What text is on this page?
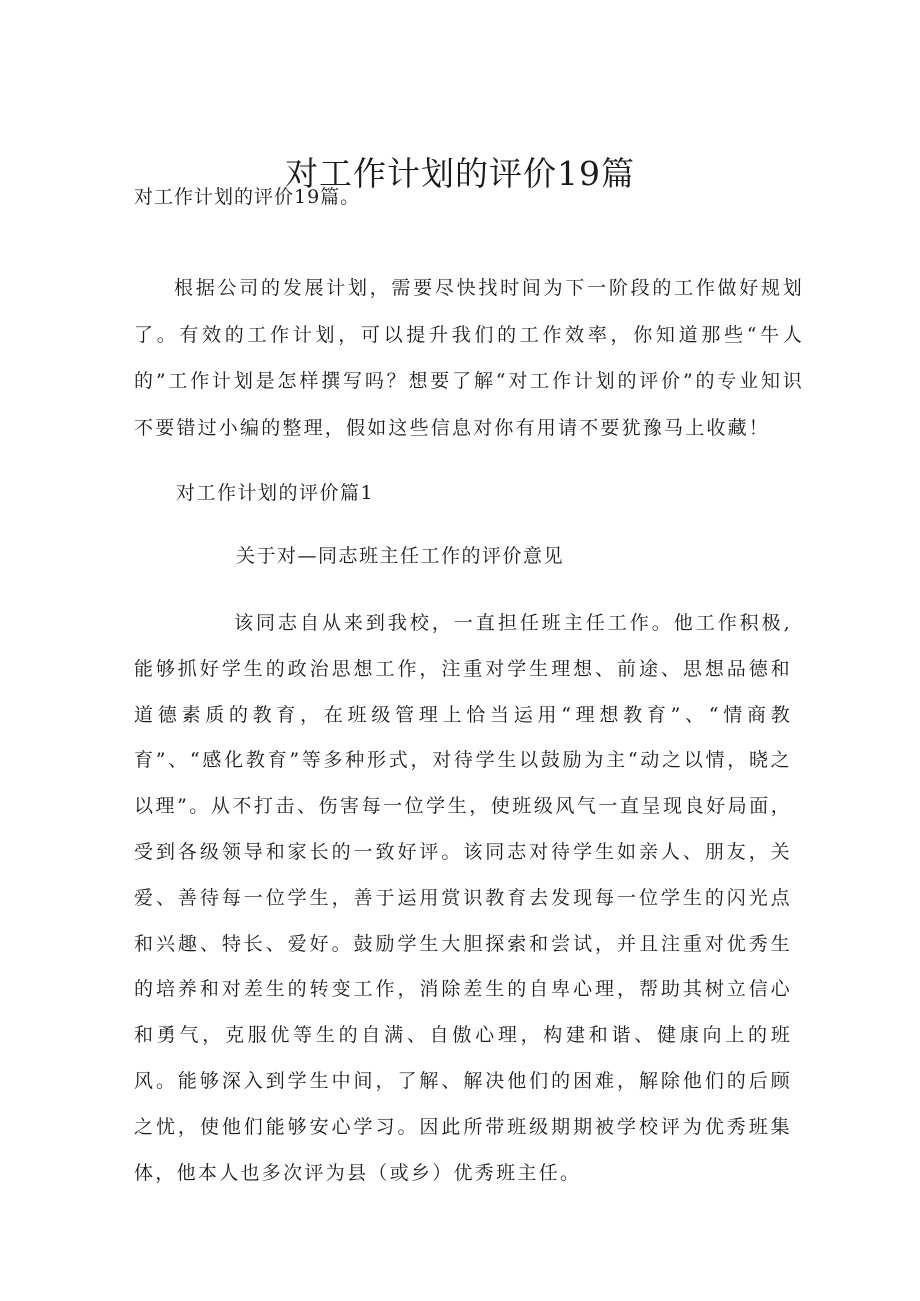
对工作计划的评价19篇

对工作计划的评价19篇。

根据公司的发展计划，需要尽快找时间为下一阶段的工作做好规划了。有效的工作计划，可以提升我们的工作效率，你知道那些“牛人的”工作计划是怎样撰写吗？想要了解“对工作计划的评价”的专业知识不要错过小编的整理，假如这些信息对你有用请不要犹豫马上收藏！

对工作计划的评价篇1
关于对—同志班主任工作的评价意见

该同志自从来到我校，一直担任班主任工作。他工作积极,能够抓好学生的政治思想工作，注重对学生理想、前途、思想品德和道德素质的教育，在班级管理上恰当运用“理想教育”、“情商教育”、“感化教育”等多种形式，对待学生以鼓励为主“动之以情，晓之以理”。从不打击、伤害每一位学生，使班级风气一直呈现良好局面，受到各级领导和家长的一致好评。该同志对待学生如亲人、朋友，关爱、善待每一位学生，善于运用赏识教育去发现每一位学生的闪光点和兴趣、特长、爱好。鼓励学生大胆探索和尝试，并且注重对优秀生的培养和对差生的转变工作，消除差生的自卑心理，帮助其树立信心和勇气，克服优等生的自满、自傲心理，构建和谐、健康向上的班风。能够深入到学生中间，了解、解决他们的困难，解除他们的后顾之忧，使他们能够安心学习。因此所带班级期期被学校评为优秀班集体，他本人也多次评为县（或乡）优秀班主任。
